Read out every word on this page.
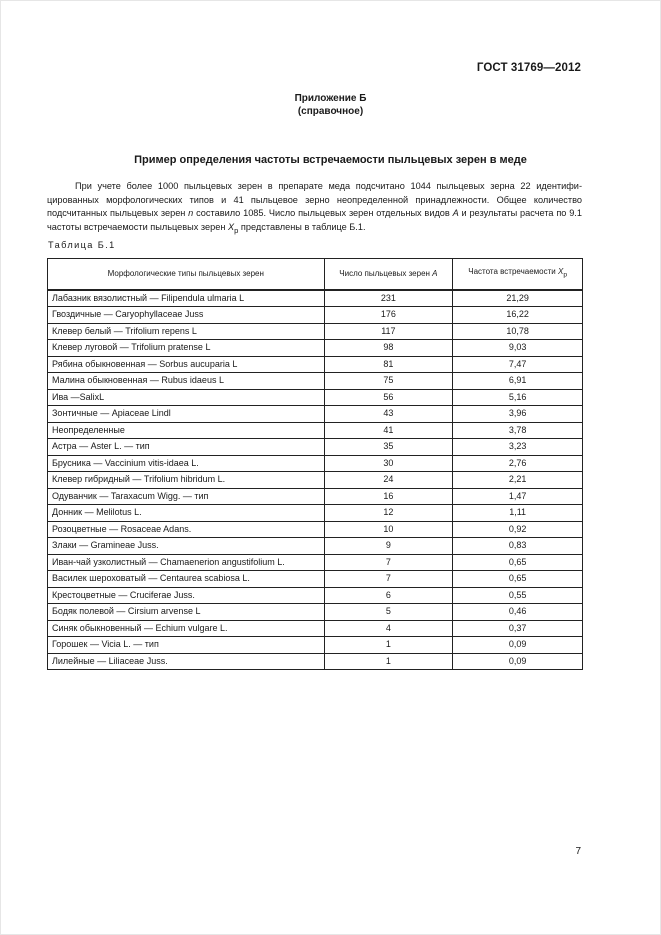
ГОСТ 31769—2012
Приложение Б
(справочное)
Пример определения частоты встречаемости пыльцевых зерен в меде

При учете более 1000 пыльцевых зерен в препарате меда подсчитано 1044 пыльцевых зерна 22 идентифицированных морфологических типов и 41 пыльцевое зерно неопределенной принадлежности. Общее количество подсчитанных пыльцевых зерен n составило 1085. Число пыльцевых зерен отдельных видов A и результаты расчета по 9.1 частоты встречаемости пыльцевых зерен $X_р$ представлены в таблице Б.1.

Таблица Б.1
Морфологические типы пыльцевых зерен	Число пыльцевых зерен A	Частота встречаемости $X_p$
Лабазник вязолистный — Filipendula ulmaria L	231	21,29
Гвоздичные — Caryophyllaceae Juss	176	16,22
Клевер белый — Trifolium repens L	117	10,78
Клевер луговой — Trifolium pratense L	98	9,03
Рябина обыкновенная — Sorbus aucuparia L	81	7,47
Малина обыкновенная — Rubus idaeus L	75	6,91
Ива —SalixL	56	5,16
Зонтичные — Apiaceae Lindl	43	3,96
Неопределенные	41	3,78
Астра — Aster L. — тип	35	3,23
Брусника — Vaccinium vitis-idaea L.	30	2,76
Клевер гибридный — Trifolium hibridum L.	24	2,21
Одуванчик — Taraxacum Wigg. — тип	16	1,47
Донник — Melilotus L.	12	1,11
Розоцветные — Rosaceae Adans.	10	0,92
Злаки — Gramineae Juss.	9	0,83
Иван-чай узколистный — Chamaenerion angustifolium L.	7	0,65
Василек шероховатый — Centaurea scabiosa L.	7	0,65
Крестоцветные — Cruciferae Juss.	6	0,55
Бодяк полевой — Cirsium arvense L	5	0,46
Синяк обыкновенный — Echium vulgare L.	4	0,37
Горошек — Vicia L. — тип	1	0,09
Лилейные — Liliaceae Juss.	1	0,09
7
